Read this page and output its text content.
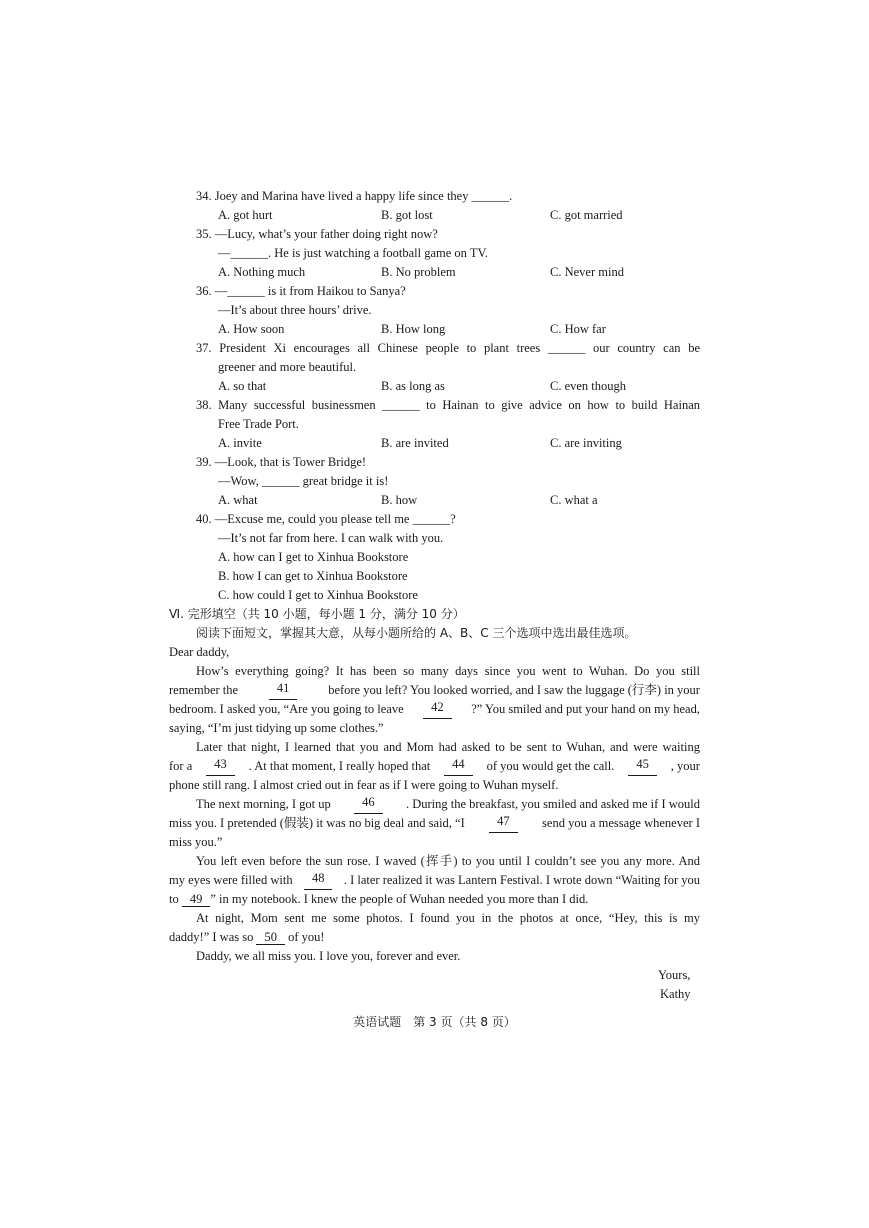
34. Joey and Marina have lived a happy life since they ______.
A. got hurt	B. got lost	C. got married
35. —Lucy, what’s your father doing right now?
—______. He is just watching a football game on TV.
A. Nothing much	B. No problem	C. Never mind
36. —______ is it from Haikou to Sanya?
—It’s about three hours’ drive.
A. How soon	B. How long	C. How far
37. President Xi encourages all Chinese people to plant trees ______ our country can be
greener and more beautiful.
A. so that	B. as long as	C. even though
38. Many successful businessmen ______ to Hainan to give advice on how to build Hainan
Free Trade Port.
A. invite	B. are invited	C. are inviting
39. —Look, that is Tower Bridge!
—Wow, ______ great bridge it is!
A. what	B. how	C. what a
40. —Excuse me, could you please tell me ______?
—It’s not far from here. I can walk with you.
A. how can I get to Xinhua Bookstore
B. how I can get to Xinhua Bookstore
C. how could I get to Xinhua Bookstore
Ⅵ. 完形填空（共 10 小题，每小题 1 分，满分 10 分）
阅读下面短文，掌握其大意，从每小题所给的 A、B、C 三个选项中选出最佳选项。
Dear daddy,
How’s everything going? It has been so many days since you went to Wuhan. Do you still
remember the	41	before you left? You looked worried, and I saw the luggage (行李) in your
bedroom. I asked you, “Are you going to leave	42	?” You smiled and put your hand on my head,
saying, “I’m just tidying up some clothes.”
Later that night, I learned that you and Mom had asked to be sent to Wuhan, and were waiting
for a	43	. At that moment, I really hoped that	44	of you would get the call.	45	, your
phone still rang. I almost cried out in fear as if I were going to Wuhan myself.
The next morning, I got up	46	. During the breakfast, you smiled and asked me if I would
miss you. I pretended (假装) it was no big deal and said, “I	47	send you a message whenever I
miss you.”
You left even before the sun rose. I waved (挥手) to you until I couldn’t see you any more. And
my eyes were filled with	48	. I later realized it was Lantern Festival. I wrote down “Waiting for you
to 49 ” in my notebook. I knew the people of Wuhan needed you more than I did.
At night, Mom sent me some photos. I found you in the photos at once, “Hey, this is my
daddy!” I was so 50 of you!
Daddy, we all miss you. I love you, forever and ever.
Yours,
Kathy
英语试题　第 3 页（共 8 页）
